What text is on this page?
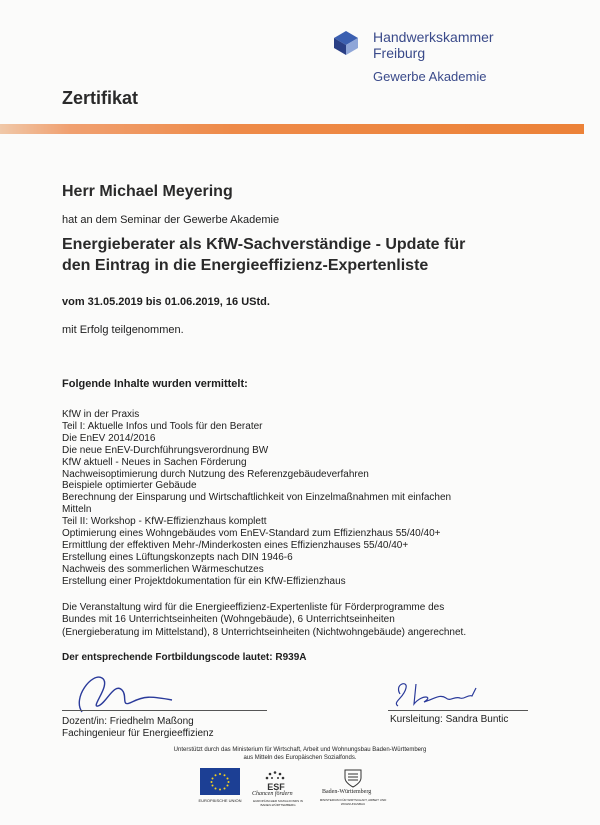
Handwerkskammer
Freiburg
Gewerbe Akademie
Zertifikat
Herr Michael Meyering
hat an dem Seminar der Gewerbe Akademie
Energieberater als KfW-Sachverständige - Update für
den Eintrag in die Energieeffizienz-Expertenliste
vom 31.05.2019 bis 01.06.2019, 16 UStd.
mit Erfolg teilgenommen.
Folgende Inhalte wurden vermittelt:
KfW in der Praxis
Teil I: Aktuelle Infos und Tools für den Berater
Die EnEV 2014/2016
Die neue EnEV-Durchführungsverordnung BW
KfW aktuell - Neues in Sachen Förderung
Nachweisoptimierung durch Nutzung des Referenzgebäudeverfahren
Beispiele optimierter Gebäude
Berechnung der Einsparung und Wirtschaftlichkeit von Einzelmaßnahmen mit einfachen
Mitteln
Teil II: Workshop - KfW-Effizienzhaus komplett
Optimierung eines Wohngebäudes vom EnEV-Standard zum Effizienzhaus 55/40/40+
Ermittlung der effektiven Mehr-/Minderkosten eines Effizienzhauses 55/40/40+
Erstellung eines Lüftungskonzepts nach DIN 1946-6
Nachweis des sommerlichen Wärmeschutzes
Erstellung einer Projektdokumentation für ein KfW-Effizienzhaus
Die Veranstaltung wird für die Energieeffizienz-Expertenliste für Förderprogramme des
Bundes mit 16 Unterrichtseinheiten (Wohngebäude), 6 Unterrichtseinheiten
(Energieberatung im Mittelstand), 8 Unterrichtseinheiten (Nichtwohngebäude) angerechnet.
Der entsprechende Fortbildungscode lautet: R939A
Dozent/in: Friedhelm Maßong
Fachingenieur für Energieeffizienz
Kursleitung: Sandra Buntic
Unterstützt durch das Ministerium für Wirtschaft, Arbeit und Wohnungsbau Baden-Württemberg
aus Mitteln des Europäischen Sozialfonds.
EUROPÄISCHE UNION
ESF
Chancen fördern
EUROPÄISCHER SOZIALFONDS IN BADEN-WÜRTTEMBERG
Baden-Württemberg
MINISTERIUM FÜR WIRTSCHAFT, ARBEIT UND WOHNUNGSBAU
